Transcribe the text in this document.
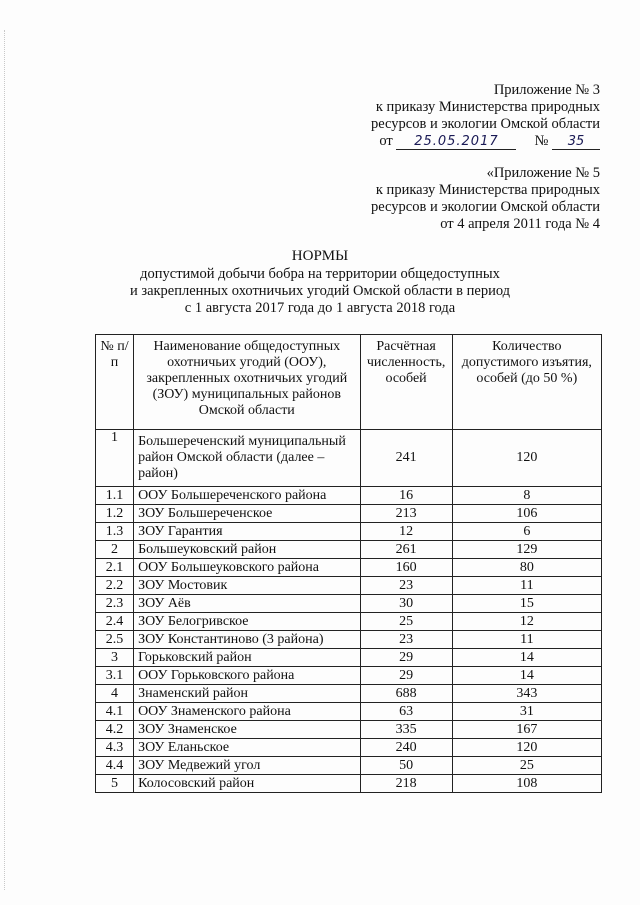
Приложение № 3
к приказу Министерства природных
ресурсов и экологии Омской области
от 25.05.2017 № 35
«Приложение № 5
к приказу Министерства природных
ресурсов и экологии Омской области
от 4 апреля 2011 года № 4
НОРМЫ
допустимой добычи бобра на территории общедоступных
и закрепленных охотничьих угодий Омской области в период
с 1 августа 2017 года до 1 августа 2018 года
№ п/п	Наименование общедоступных охотничьих угодий (ООУ), закрепленных охотничьих угодий (ЗОУ) муниципальных районов Омской области	Расчётная численность, особей	Количество допустимого изъятия, особей (до 50 %)
1	Большереченский муниципальный район Омской области (далее – район)	241	120
1.1	ООУ Большереченского района	16	8
1.2	ЗОУ Большереченское	213	106
1.3	ЗОУ Гарантия	12	6
2	Большеуковский район	261	129
2.1	ООУ Большеуковского района	160	80
2.2	ЗОУ Мостовик	23	11
2.3	ЗОУ Аёв	30	15
2.4	ЗОУ Белогривское	25	12
2.5	ЗОУ Константиново (3 района)	23	11
3	Горьковский район	29	14
3.1	ООУ Горьковского района	29	14
4	Знаменский район	688	343
4.1	ООУ Знаменского района	63	31
4.2	ЗОУ Знаменское	335	167
4.3	ЗОУ Еланьское	240	120
4.4	ЗОУ Медвежий угол	50	25
5	Колосовский район	218	108
